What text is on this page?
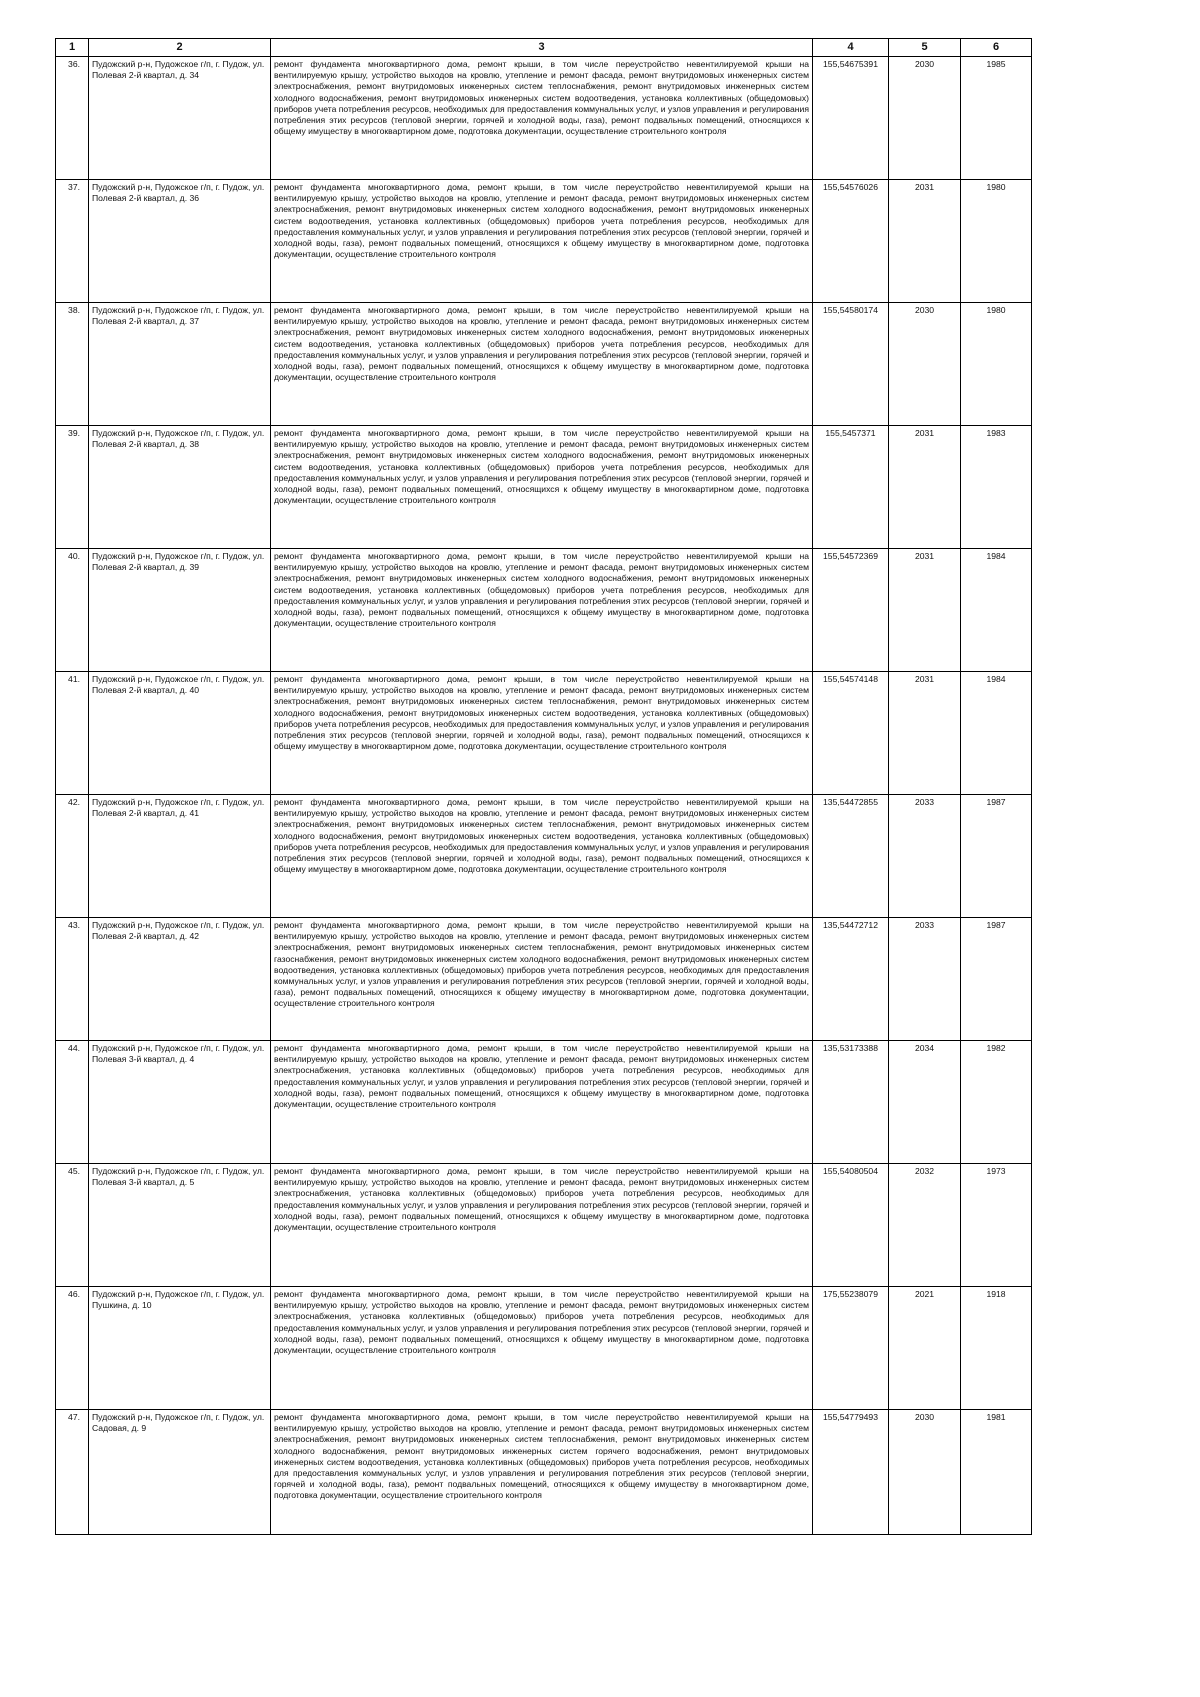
1	2	3	4	5	6
36.	Пудожский р-н, Пудожское г/п, г. Пудож, ул. Полевая 2-й квартал, д. 34	ремонт фундамента многоквартирного дома, ремонт крыши, в том числе переустройство невентилируемой крыши на вентилируемую крышу, устройство выходов на кровлю, утепление и ремонт фасада, ремонт внутридомовых инженерных систем электроснабжения, ремонт внутридомовых инженерных систем теплоснабжения, ремонт внутридомовых инженерных систем холодного водоснабжения, ремонт внутридомовых инженерных систем водоотведения, установка коллективных (общедомовых) приборов учета потребления ресурсов, необходимых для предоставления коммунальных услуг, и узлов управления и регулирования потребления этих ресурсов (тепловой энергии, горячей и холодной воды, газа), ремонт подвальных помещений, относящихся к общему имуществу в многоквартирном доме, подготовка документации, осуществление строительного контроля	155,54675391	2030	1985
37.	Пудожский р-н, Пудожское г/п, г. Пудож, ул. Полевая 2-й квартал, д. 36	ремонт фундамента многоквартирного дома, ремонт крыши, в том числе переустройство невентилируемой крыши на вентилируемую крышу, устройство выходов на кровлю, утепление и ремонт фасада, ремонт внутридомовых инженерных систем электроснабжения, ремонт внутридомовых инженерных систем холодного водоснабжения, ремонт внутридомовых инженерных систем водоотведения, установка коллективных (общедомовых) приборов учета потребления ресурсов, необходимых для предоставления коммунальных услуг, и узлов управления и регулирования потребления этих ресурсов (тепловой энергии, горячей и холодной воды, газа), ремонт подвальных помещений, относящихся к общему имуществу в многоквартирном доме, подготовка документации, осуществление строительного контроля	155,54576026	2031	1980
38.	Пудожский р-н, Пудожское г/п, г. Пудож, ул. Полевая 2-й квартал, д. 37	ремонт фундамента многоквартирного дома, ремонт крыши, в том числе переустройство невентилируемой крыши на вентилируемую крышу, устройство выходов на кровлю, утепление и ремонт фасада, ремонт внутридомовых инженерных систем электроснабжения, ремонт внутридомовых инженерных систем холодного водоснабжения, ремонт внутридомовых инженерных систем водоотведения, установка коллективных (общедомовых) приборов учета потребления ресурсов, необходимых для предоставления коммунальных услуг, и узлов управления и регулирования потребления этих ресурсов (тепловой энергии, горячей и холодной воды, газа), ремонт подвальных помещений, относящихся к общему имуществу в многоквартирном доме, подготовка документации, осуществление строительного контроля	155,54580174	2030	1980
39.	Пудожский р-н, Пудожское г/п, г. Пудож, ул. Полевая 2-й квартал, д. 38	ремонт фундамента многоквартирного дома, ремонт крыши, в том числе переустройство невентилируемой крыши на вентилируемую крышу, устройство выходов на кровлю, утепление и ремонт фасада, ремонт внутридомовых инженерных систем электроснабжения, ремонт внутридомовых инженерных систем холодного водоснабжения, ремонт внутридомовых инженерных систем водоотведения, установка коллективных (общедомовых) приборов учета потребления ресурсов, необходимых для предоставления коммунальных услуг, и узлов управления и регулирования потребления этих ресурсов (тепловой энергии, горячей и холодной воды, газа), ремонт подвальных помещений, относящихся к общему имуществу в многоквартирном доме, подготовка документации, осуществление строительного контроля	155,5457371	2031	1983
40.	Пудожский р-н, Пудожское г/п, г. Пудож, ул. Полевая 2-й квартал, д. 39	ремонт фундамента многоквартирного дома, ремонт крыши, в том числе переустройство невентилируемой крыши на вентилируемую крышу, устройство выходов на кровлю, утепление и ремонт фасада, ремонт внутридомовых инженерных систем электроснабжения, ремонт внутридомовых инженерных систем холодного водоснабжения, ремонт внутридомовых инженерных систем водоотведения, установка коллективных (общедомовых) приборов учета потребления ресурсов, необходимых для предоставления коммунальных услуг, и узлов управления и регулирования потребления этих ресурсов (тепловой энергии, горячей и холодной воды, газа), ремонт подвальных помещений, относящихся к общему имуществу в многоквартирном доме, подготовка документации, осуществление строительного контроля	155,54572369	2031	1984
41.	Пудожский р-н, Пудожское г/п, г. Пудож, ул. Полевая 2-й квартал, д. 40	ремонт фундамента многоквартирного дома, ремонт крыши, в том числе переустройство невентилируемой крыши на вентилируемую крышу, устройство выходов на кровлю, утепление и ремонт фасада, ремонт внутридомовых инженерных систем электроснабжения, ремонт внутридомовых инженерных систем теплоснабжения, ремонт внутридомовых инженерных систем холодного водоснабжения, ремонт внутридомовых инженерных систем водоотведения, установка коллективных (общедомовых) приборов учета потребления ресурсов, необходимых для предоставления коммунальных услуг, и узлов управления и регулирования потребления этих ресурсов (тепловой энергии, горячей и холодной воды, газа), ремонт подвальных помещений, относящихся к общему имуществу в многоквартирном доме, подготовка документации, осуществление строительного контроля	155,54574148	2031	1984
42.	Пудожский р-н, Пудожское г/п, г. Пудож, ул. Полевая 2-й квартал, д. 41	ремонт фундамента многоквартирного дома, ремонт крыши, в том числе переустройство невентилируемой крыши на вентилируемую крышу, устройство выходов на кровлю, утепление и ремонт фасада, ремонт внутридомовых инженерных систем электроснабжения, ремонт внутридомовых инженерных систем теплоснабжения, ремонт внутридомовых инженерных систем холодного водоснабжения, ремонт внутридомовых инженерных систем водоотведения, установка коллективных (общедомовых) приборов учета потребления ресурсов, необходимых для предоставления коммунальных услуг, и узлов управления и регулирования потребления этих ресурсов (тепловой энергии, горячей и холодной воды, газа), ремонт подвальных помещений, относящихся к общему имуществу в многоквартирном доме, подготовка документации, осуществление строительного контроля	135,54472855	2033	1987
43.	Пудожский р-н, Пудожское г/п, г. Пудож, ул. Полевая 2-й квартал, д. 42	ремонт фундамента многоквартирного дома, ремонт крыши, в том числе переустройство невентилируемой крыши на вентилируемую крышу, устройство выходов на кровлю, утепление и ремонт фасада, ремонт внутридомовых инженерных систем электроснабжения, ремонт внутридомовых инженерных систем теплоснабжения, ремонт внутридомовых инженерных систем газоснабжения, ремонт внутридомовых инженерных систем холодного водоснабжения, ремонт внутридомовых инженерных систем водоотведения, установка коллективных (общедомовых) приборов учета потребления ресурсов, необходимых для предоставления коммунальных услуг, и узлов управления и регулирования потребления этих ресурсов (тепловой энергии, горячей и холодной воды, газа), ремонт подвальных помещений, относящихся к общему имуществу в многоквартирном доме, подготовка документации, осуществление строительного контроля	135,54472712	2033	1987
44.	Пудожский р-н, Пудожское г/п, г. Пудож, ул. Полевая 3-й квартал, д. 4	ремонт фундамента многоквартирного дома, ремонт крыши, в том числе переустройство невентилируемой крыши на вентилируемую крышу, устройство выходов на кровлю, утепление и ремонт фасада, ремонт внутридомовых инженерных систем электроснабжения, установка коллективных (общедомовых) приборов учета потребления ресурсов, необходимых для предоставления коммунальных услуг, и узлов управления и регулирования потребления этих ресурсов (тепловой энергии, горячей и холодной воды, газа), ремонт подвальных помещений, относящихся к общему имуществу в многоквартирном доме, подготовка документации, осуществление строительного контроля	135,53173388	2034	1982
45.	Пудожский р-н, Пудожское г/п, г. Пудож, ул. Полевая 3-й квартал, д. 5	ремонт фундамента многоквартирного дома, ремонт крыши, в том числе переустройство невентилируемой крыши на вентилируемую крышу, устройство выходов на кровлю, утепление и ремонт фасада, ремонт внутридомовых инженерных систем электроснабжения, установка коллективных (общедомовых) приборов учета потребления ресурсов, необходимых для предоставления коммунальных услуг, и узлов управления и регулирования потребления этих ресурсов (тепловой энергии, горячей и холодной воды, газа), ремонт подвальных помещений, относящихся к общему имуществу в многоквартирном доме, подготовка документации, осуществление строительного контроля	155,54080504	2032	1973
46.	Пудожский р-н, Пудожское г/п, г. Пудож, ул. Пушкина, д. 10	ремонт фундамента многоквартирного дома, ремонт крыши, в том числе переустройство невентилируемой крыши на вентилируемую крышу, устройство выходов на кровлю, утепление и ремонт фасада, ремонт внутридомовых инженерных систем электроснабжения, установка коллективных (общедомовых) приборов учета потребления ресурсов, необходимых для предоставления коммунальных услуг, и узлов управления и регулирования потребления этих ресурсов (тепловой энергии, горячей и холодной воды, газа), ремонт подвальных помещений, относящихся к общему имуществу в многоквартирном доме, подготовка документации, осуществление строительного контроля	175,55238079	2021	1918
47.	Пудожский р-н, Пудожское г/п, г. Пудож, ул. Садовая, д. 9	ремонт фундамента многоквартирного дома, ремонт крыши, в том числе переустройство невентилируемой крыши на вентилируемую крышу, устройство выходов на кровлю, утепление и ремонт фасада, ремонт внутридомовых инженерных систем электроснабжения, ремонт внутридомовых инженерных систем теплоснабжения, ремонт внутридомовых инженерных систем холодного водоснабжения, ремонт внутридомовых инженерных систем горячего водоснабжения, ремонт внутридомовых инженерных систем водоотведения, установка коллективных (общедомовых) приборов учета потребления ресурсов, необходимых для предоставления коммунальных услуг, и узлов управления и регулирования потребления этих ресурсов (тепловой энергии, горячей и холодной воды, газа), ремонт подвальных помещений, относящихся к общему имуществу в многоквартирном доме, подготовка документации, осуществление строительного контроля	155,54779493	2030	1981
